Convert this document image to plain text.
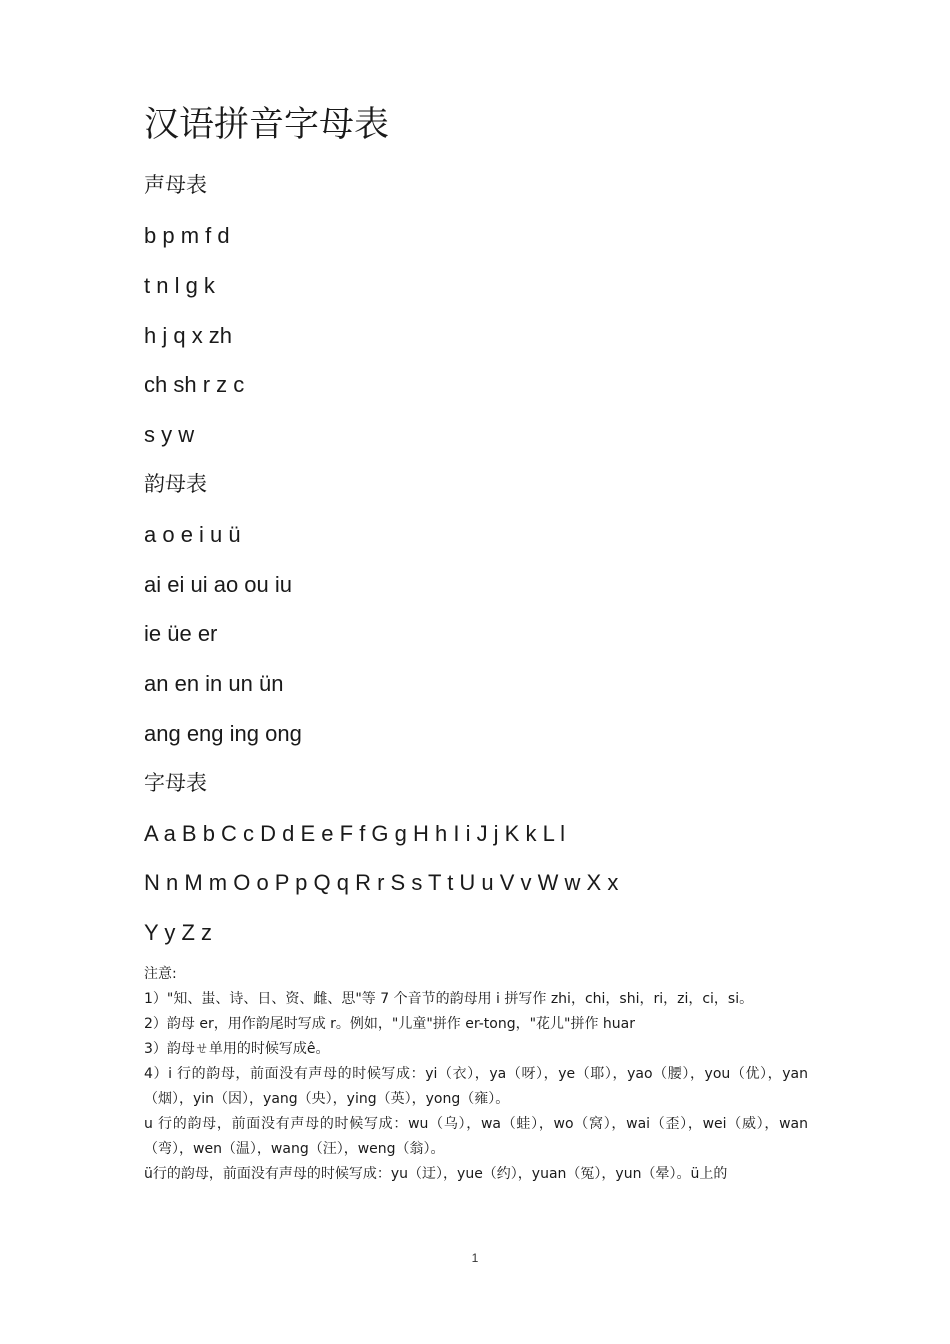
汉语拼音字母表

声母表

b p m f d

t n l g k

h j q x zh

ch sh r z c

s y w

韵母表

a o e i u ü

ai ei ui ao ou iu

ie üe er

an en in un ün

ang eng ing ong

字母表

A a B b C c D d E e F f G g H h I i J j K k L l

N n M m O o P p Q q R r S s T t U u V v W w X x

Y y Z z

注意:

1）"知、蚩、诗、日、资、雌、思"等 7 个音节的韵母用 i 拼写作 zhi，chi，shi，ri，zi，ci，si。

2）韵母 er，用作韵尾时写成 r。例如，"儿童"拼作 er-tong，"花儿"拼作 huar

3）韵母ㄝ单用的时候写成ê。

4）i 行的韵母，前面没有声母的时候写成：yi（衣），ya（呀），ye（耶），yao（腰），you（优），yan（烟），yin（因），yang（央），ying（英），yong（雍）。

u 行的韵母，前面没有声母的时候写成：wu（乌），wa（蛙），wo（窝），wai（歪），wei（威），wan（弯），wen（温），wang（汪），weng（翁）。

ü行的韵母，前面没有声母的时候写成：yu（迂），yue（约），yuan（冤），yun（晕）。ü上的

1
